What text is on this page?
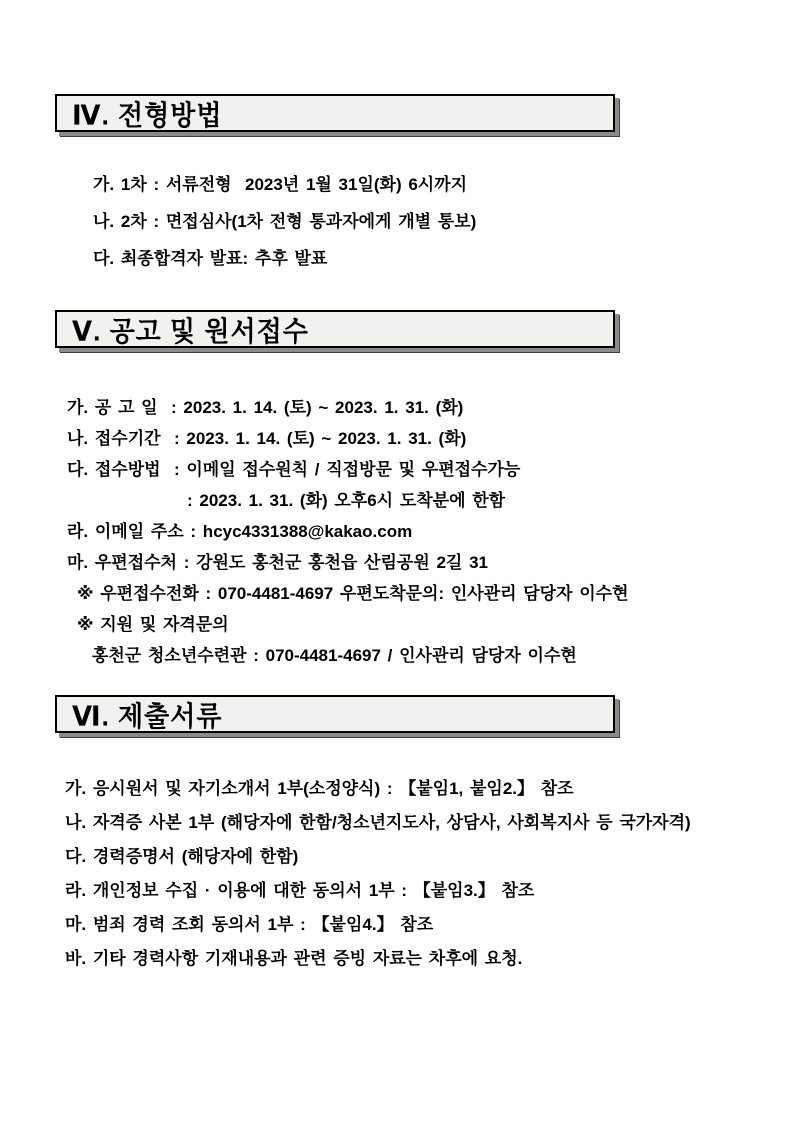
Ⅳ. 전형방법
가. 1차 : 서류전형  2023년 1월 31일(화) 6시까지
나. 2차 : 면접심사(1차 전형 통과자에게 개별 통보)
다. 최종합격자 발표: 추후 발표
Ⅴ. 공고 및 원서접수
가. 공 고 일  : 2023. 1. 14. (토) ~ 2023. 1. 31. (화)
나. 접수기간  : 2023. 1. 14. (토) ~ 2023. 1. 31. (화)
다. 접수방법  : 이메일 접수원칙 / 직접방문 및 우편접수가능
: 2023. 1. 31. (화) 오후6시 도착분에 한함
라. 이메일 주소 : hcyc4331388@kakao.com
마. 우편접수처 : 강원도 홍천군 홍천읍 산림공원 2길 31
※ 우편접수전화 : 070-4481-4697 우편도착문의: 인사관리 담당자 이수현
※ 지원 및 자격문의
홍천군 청소년수련관 : 070-4481-4697 / 인사관리 담당자 이수현
Ⅵ. 제출서류
가. 응시원서 및 자기소개서 1부(소정양식) : 【붙임1, 붙임2.】 참조
나. 자격증 사본 1부 (해당자에 한함/청소년지도사, 상담사, 사회복지사 등 국가자격)
다. 경력증명서 (해당자에 한함)
라. 개인정보 수집 · 이용에 대한 동의서 1부 : 【붙임3.】 참조
마. 범죄 경력 조회 동의서 1부 : 【붙임4.】 참조
바. 기타 경력사항 기재내용과 관련 증빙 자료는 차후에 요청.
